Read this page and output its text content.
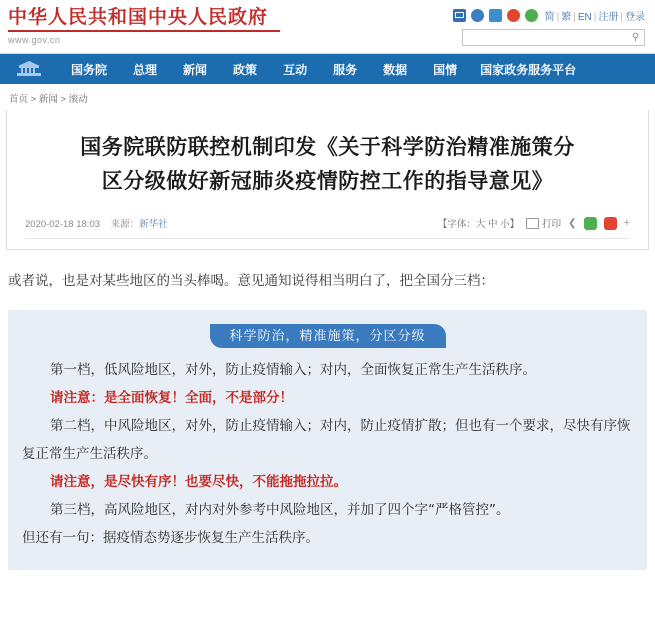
中华人民共和国中央人民政府
www.gov.cn
简 | 繁 | EN | 注册 | 登录
⚲
国务院	总理	新闻	政策	互动	服务	数据	国情	国家政务服务平台
首页 > 新闻 > 滚动
国务院联防联控机制印发《关于科学防治精准施策分
区分级做好新冠肺炎疫情防控工作的指导意见》
2020-02-18 18:03 来源：新华社	【字体：大 中 小】 打印 ❮	+

或者说，也是对某些地区的当头棒喝。意见通知说得相当明白了，把全国分三档：

科学防治，精准施策，分区分级

第一档，低风险地区，对外，防止疫情输入；对内，全面恢复正常生产生活秩序。

请注意：是全面恢复！全面，不是部分！

第二档，中风险地区，对外，防止疫情输入；对内，防止疫情扩散；但也有一个要求，尽快有序恢复正常生产生活秩序。

请注意，是尽快有序！也要尽快，不能拖拖拉拉。

第三档，高风险地区，对内对外参考中风险地区，并加了四个字“严格管控”。

但还有一句：据疫情态势逐步恢复生产生活秩序。
